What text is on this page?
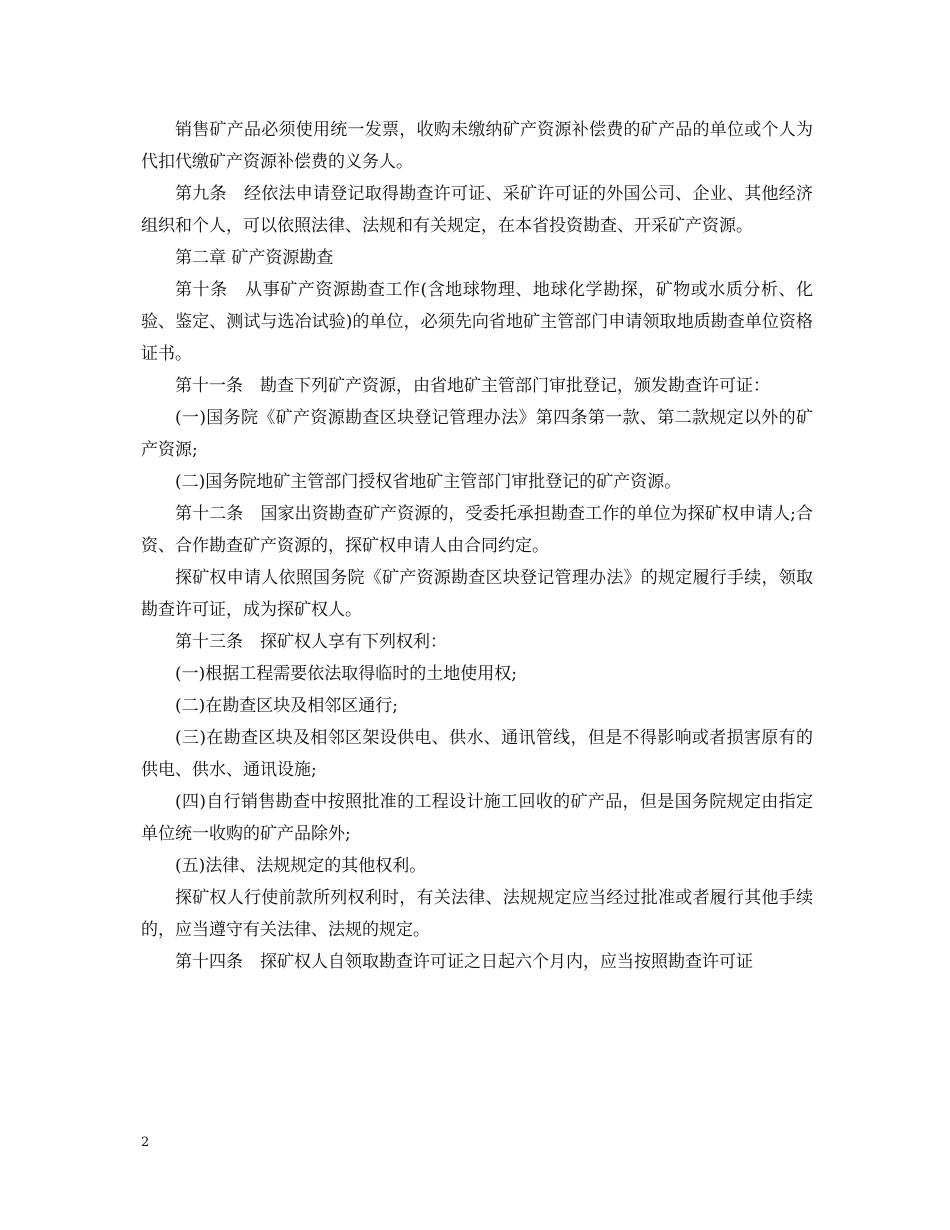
销售矿产品必须使用统一发票，收购未缴纳矿产资源补偿费的矿产品的单位或个人为代扣代缴矿产资源补偿费的义务人。

第九条　经依法申请登记取得勘查许可证、采矿许可证的外国公司、企业、其他经济组织和个人，可以依照法律、法规和有关规定，在本省投资勘查、开采矿产资源。

第二章 矿产资源勘查

第十条　从事矿产资源勘查工作(含地球物理、地球化学勘探，矿物或水质分析、化验、鉴定、测试与选冶试验)的单位，必须先向省地矿主管部门申请领取地质勘查单位资格证书。

第十一条　勘查下列矿产资源，由省地矿主管部门审批登记，颁发勘查许可证：

(一)国务院《矿产资源勘查区块登记管理办法》第四条第一款、第二款规定以外的矿产资源;

(二)国务院地矿主管部门授权省地矿主管部门审批登记的矿产资源。

第十二条　国家出资勘查矿产资源的，受委托承担勘查工作的单位为探矿权申请人;合资、合作勘查矿产资源的，探矿权申请人由合同约定。

探矿权申请人依照国务院《矿产资源勘查区块登记管理办法》的规定履行手续，领取勘查许可证，成为探矿权人。

第十三条　探矿权人享有下列权利：

(一)根据工程需要依法取得临时的土地使用权;

(二)在勘查区块及相邻区通行;

(三)在勘查区块及相邻区架设供电、供水、通讯管线，但是不得影响或者损害原有的供电、供水、通讯设施;

(四)自行销售勘查中按照批准的工程设计施工回收的矿产品，但是国务院规定由指定单位统一收购的矿产品除外;

(五)法律、法规规定的其他权利。

探矿权人行使前款所列权利时，有关法律、法规规定应当经过批准或者履行其他手续的，应当遵守有关法律、法规的规定。

第十四条　探矿权人自领取勘查许可证之日起六个月内，应当按照勘查许可证

2
